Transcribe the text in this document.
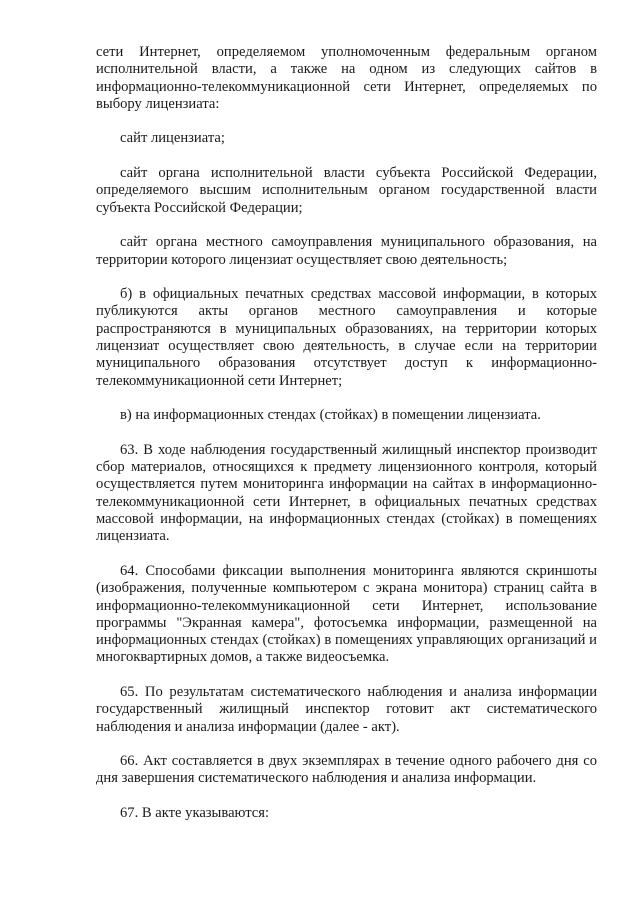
сети Интернет, определяемом уполномоченным федеральным органом исполнительной власти, а также на одном из следующих сайтов в информационно-телекоммуникационной сети Интернет, определяемых по выбору лицензиата:

сайт лицензиата;

сайт органа исполнительной власти субъекта Российской Федерации, определяемого высшим исполнительным органом государственной власти субъекта Российской Федерации;

сайт органа местного самоуправления муниципального образования, на территории которого лицензиат осуществляет свою деятельность;

б) в официальных печатных средствах массовой информации, в которых публикуются акты органов местного самоуправления и которые распространяются в муниципальных образованиях, на территории которых лицензиат осуществляет свою деятельность, в случае если на территории муниципального образования отсутствует доступ к информационно-телекоммуникационной сети Интернет;

в) на информационных стендах (стойках) в помещении лицензиата.

63. В ходе наблюдения государственный жилищный инспектор производит сбор материалов, относящихся к предмету лицензионного контроля, который осуществляется путем мониторинга информации на сайтах в информационно-телекоммуникационной сети Интернет, в официальных печатных средствах массовой информации, на информационных стендах (стойках) в помещениях лицензиата.

64. Способами фиксации выполнения мониторинга являются скриншоты (изображения, полученные компьютером с экрана монитора) страниц сайта в информационно-телекоммуникационной сети Интернет, использование программы "Экранная камера", фотосъемка информации, размещенной на информационных стендах (стойках) в помещениях управляющих организаций и многоквартирных домов, а также видеосъемка.

65. По результатам систематического наблюдения и анализа информации государственный жилищный инспектор готовит акт систематического наблюдения и анализа информации (далее - акт).

66. Акт составляется в двух экземплярах в течение одного рабочего дня со дня завершения систематического наблюдения и анализа информации.

67. В акте указываются:
